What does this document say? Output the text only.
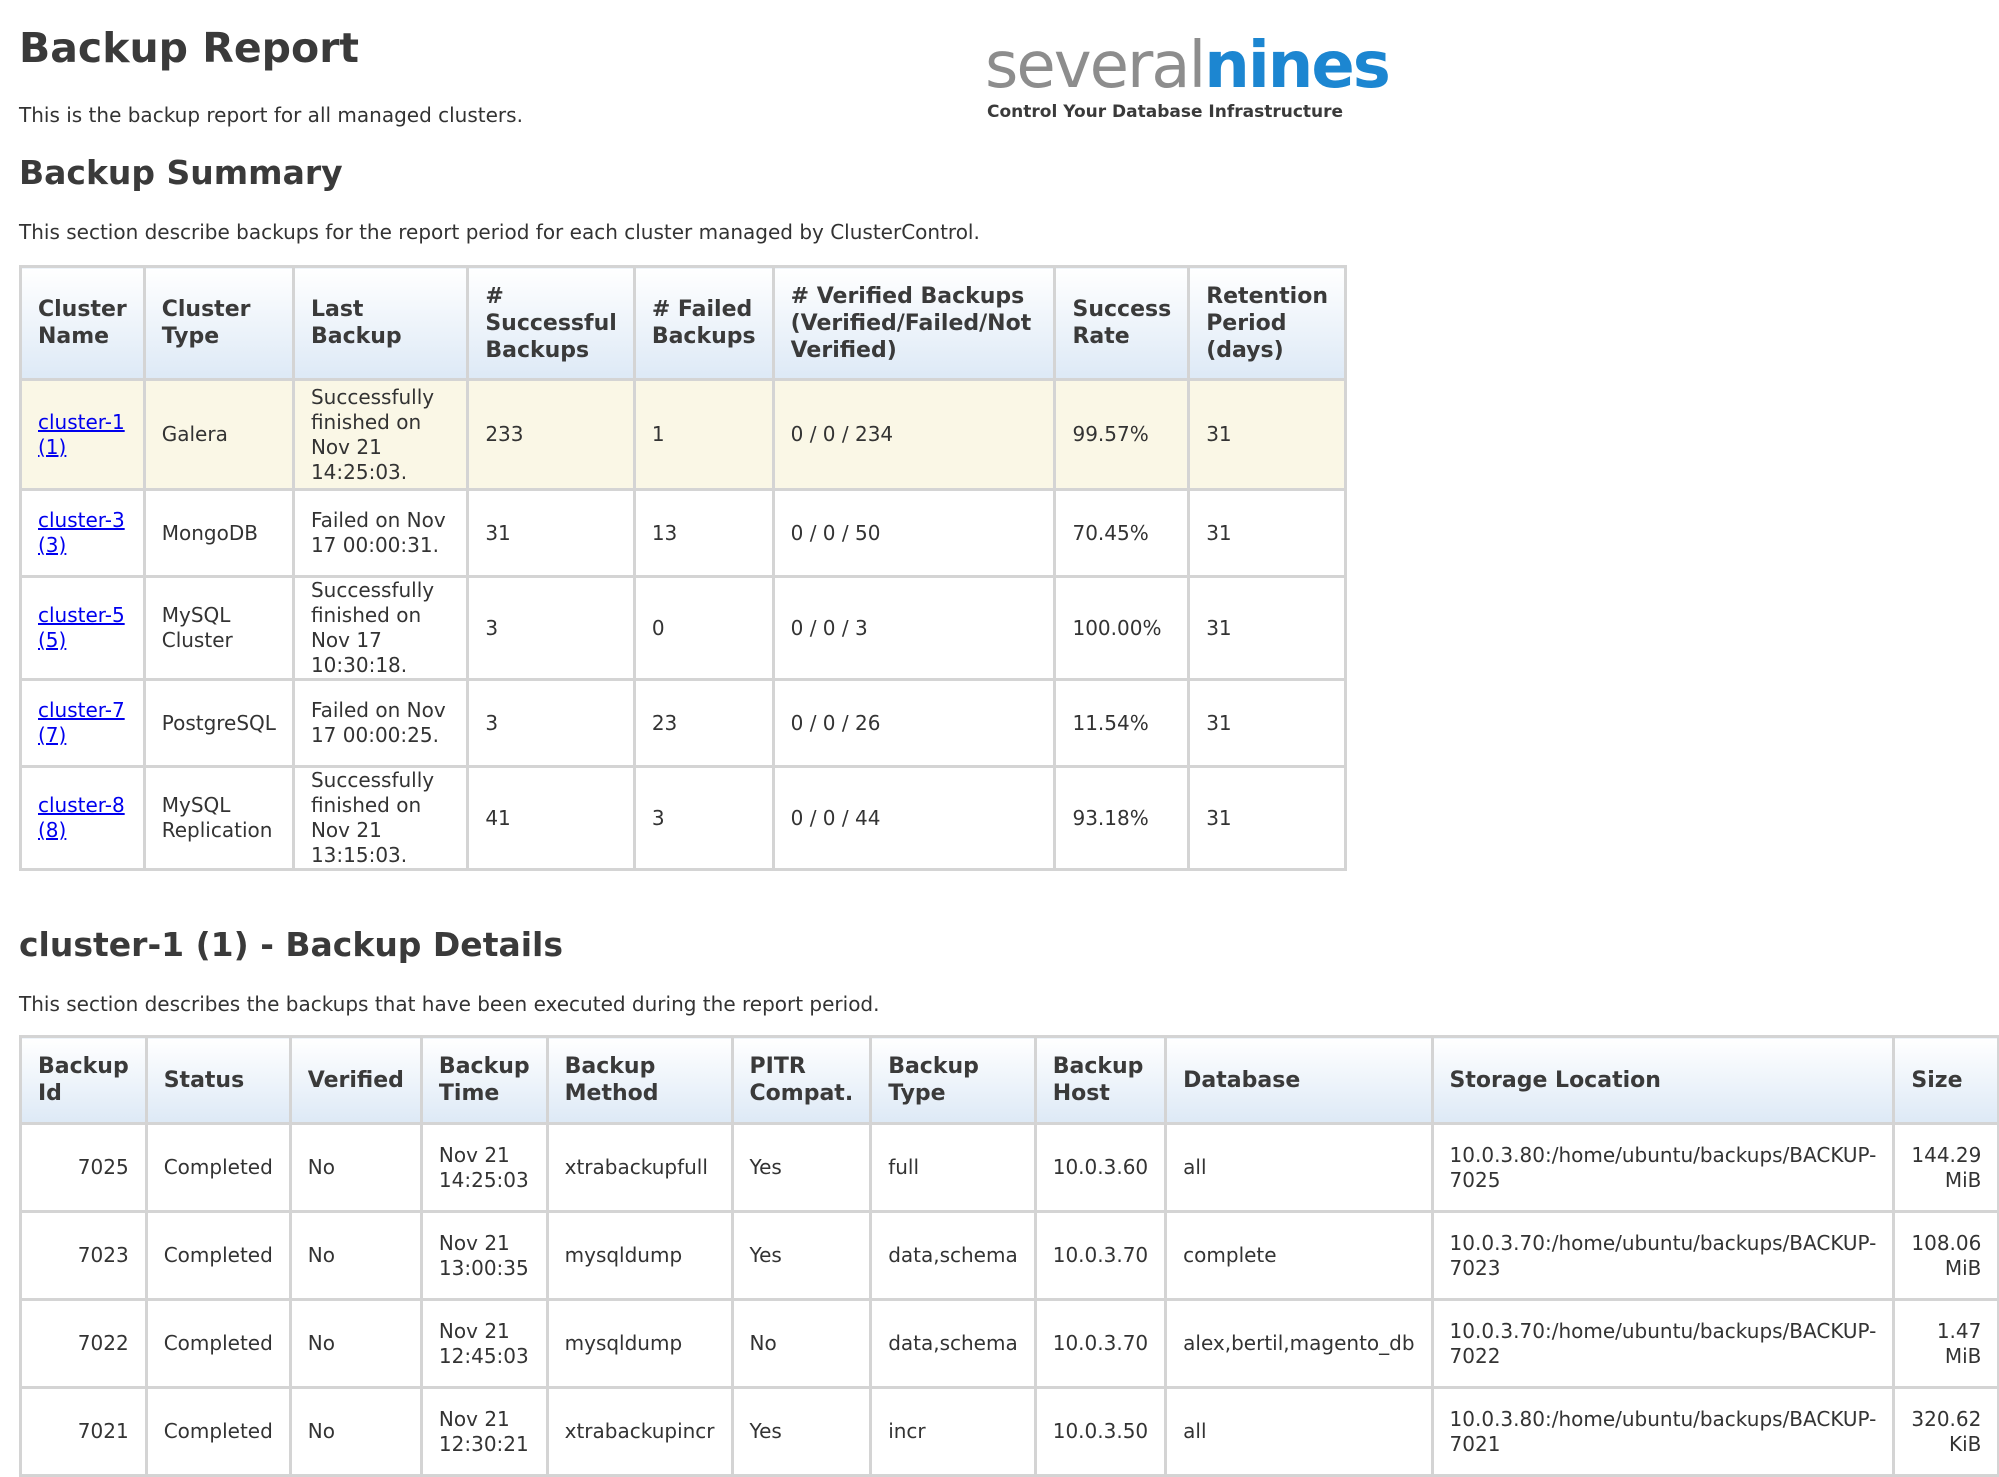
Backup Report

This is the backup report for all managed clusters.

severalnines
Control Your Database Infrastructure
Backup Summary

This section describe backups for the report period for each cluster managed by ClusterControl.

Cluster Name	Cluster Type	Last Backup	# Successful Backups	# Failed Backups	# Verified Backups (Verified/Failed/Not Verified)	Success Rate	Retention Period (days)
cluster-1 (1)	Galera	Successfully finished on Nov 21 14:25:03.	233	1	0 / 0 / 234	99.57%	31
cluster-3 (3)	MongoDB	Failed on Nov 17 00:00:31.	31	13	0 / 0 / 50	70.45%	31
cluster-5 (5)	MySQL Cluster	Successfully finished on Nov 17 10:30:18.	3	0	0 / 0 / 3	100.00%	31
cluster-7 (7)	PostgreSQL	Failed on Nov 17 00:00:25.	3	23	0 / 0 / 26	11.54%	31
cluster-8 (8)	MySQL Replication	Successfully finished on Nov 21 13:15:03.	41	3	0 / 0 / 44	93.18%	31
cluster-1 (1) - Backup Details

This section describes the backups that have been executed during the report period.

Backup Id	Status	Verified	Backup Time	Backup Method	PITR Compat.	Backup Type	Backup Host	Database	Storage Location	Size
7025	Completed	No	Nov 21 14:25:03	xtrabackupfull	Yes	full	10.0.3.60	all	10.0.3.80:/home/ubuntu/backups/BACKUP-7025	144.29 MiB
7023	Completed	No	Nov 21 13:00:35	mysqldump	Yes	data,schema	10.0.3.70	complete	10.0.3.70:/home/ubuntu/backups/BACKUP-7023	108.06 MiB
7022	Completed	No	Nov 21 12:45:03	mysqldump	No	data,schema	10.0.3.70	alex,bertil,magento_db	10.0.3.70:/home/ubuntu/backups/BACKUP-7022	1.47 MiB
7021	Completed	No	Nov 21 12:30:21	xtrabackupincr	Yes	incr	10.0.3.50	all	10.0.3.80:/home/ubuntu/backups/BACKUP-7021	320.62 KiB
